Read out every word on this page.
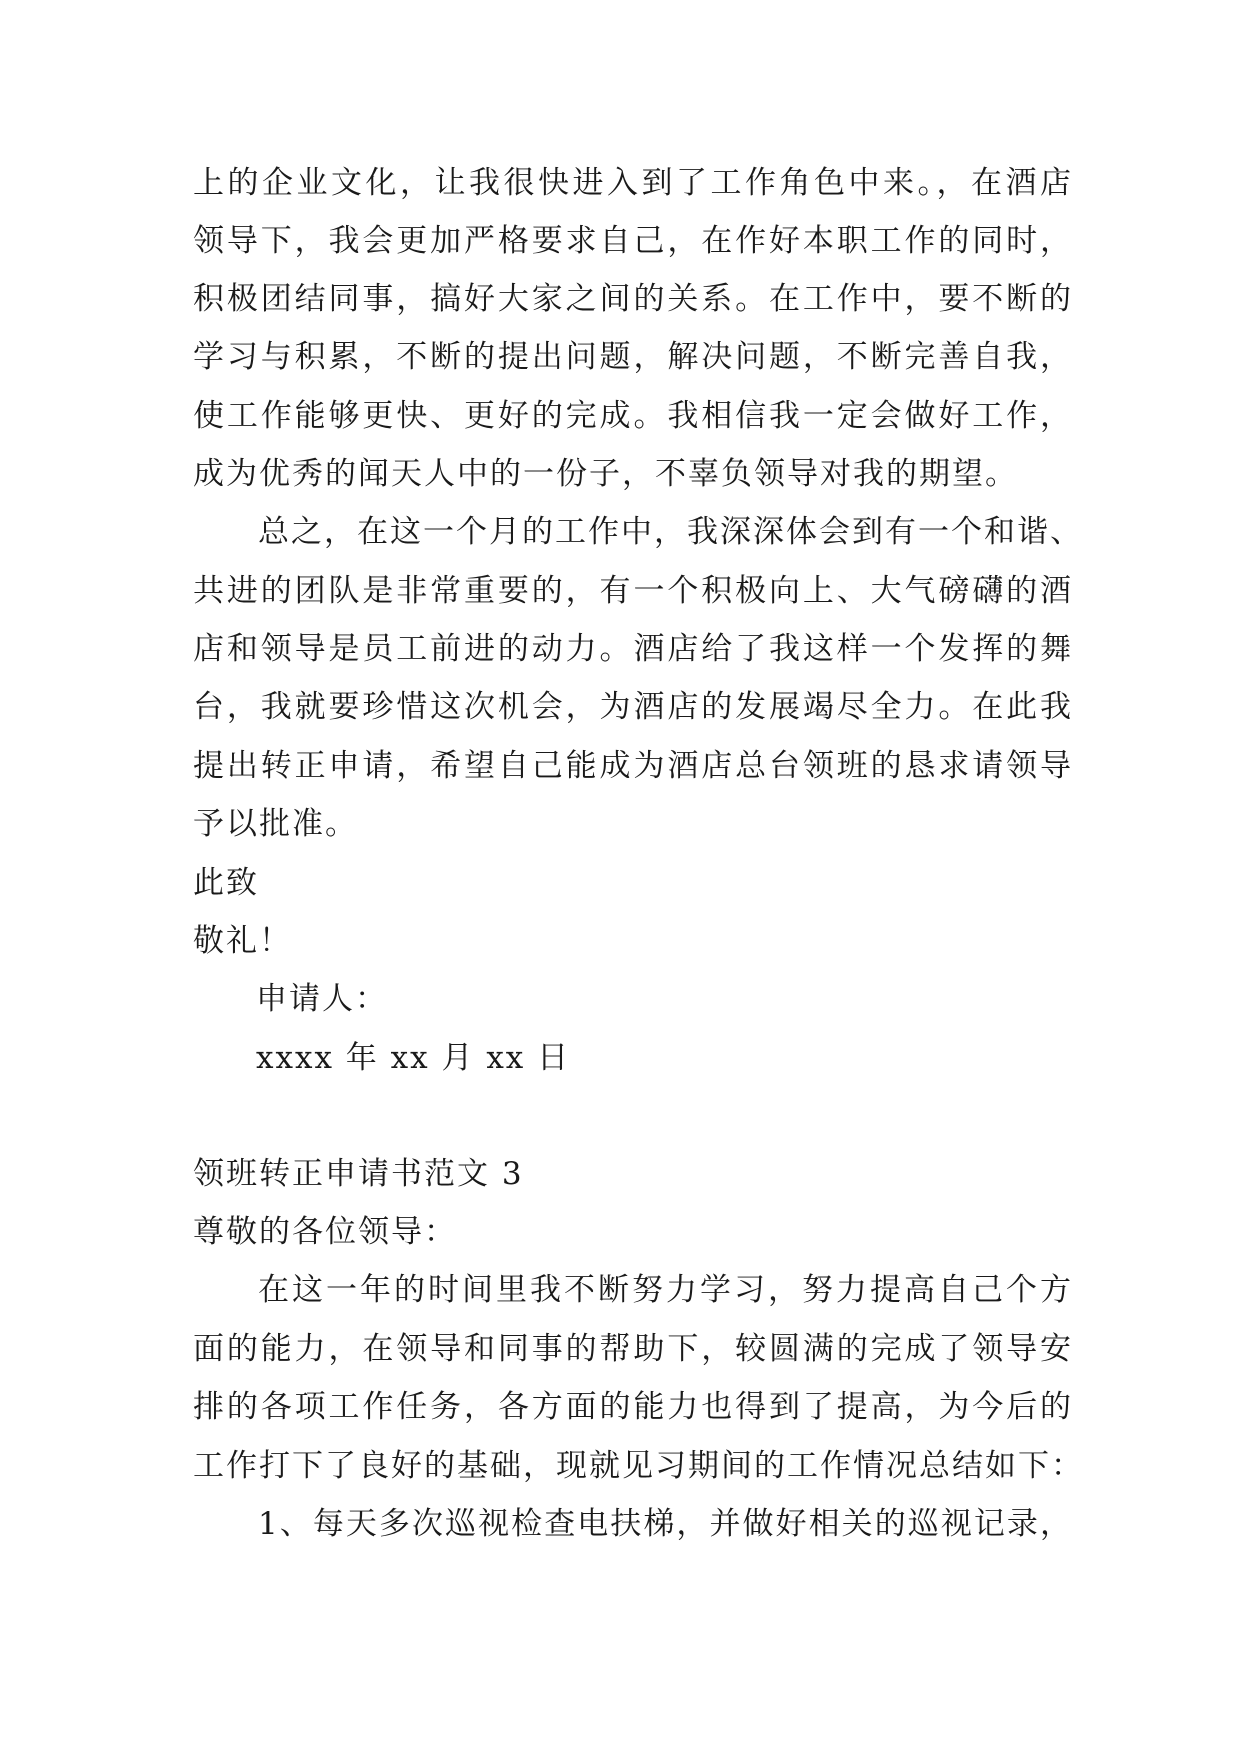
上的企业文化，让我很快进入到了工作角色中来。，在酒店
领导下，我会更加严格要求自己，在作好本职工作的同时，
积极团结同事，搞好大家之间的关系。在工作中，要不断的
学习与积累，不断的提出问题，解决问题，不断完善自我，
使工作能够更快、更好的完成。我相信我一定会做好工作，
成为优秀的闻天人中的一份子，不辜负领导对我的期望。
总之，在这一个月的工作中，我深深体会到有一个和谐、
共进的团队是非常重要的，有一个积极向上、大气磅礴的酒
店和领导是员工前进的动力。酒店给了我这样一个发挥的舞
台，我就要珍惜这次机会，为酒店的发展竭尽全力。在此我
提出转正申请，希望自己能成为酒店总台领班的恳求请领导
予以批准。
此致
敬礼！
申请人：
xxxx 年 xx 月 xx 日
领班转正申请书范文 3
尊敬的各位领导：
在这一年的时间里我不断努力学习，努力提高自己个方
面的能力，在领导和同事的帮助下，较圆满的完成了领导安
排的各项工作任务，各方面的能力也得到了提高，为今后的
工作打下了良好的基础，现就见习期间的工作情况总结如下：
1、每天多次巡视检查电扶梯，并做好相关的巡视记录，
